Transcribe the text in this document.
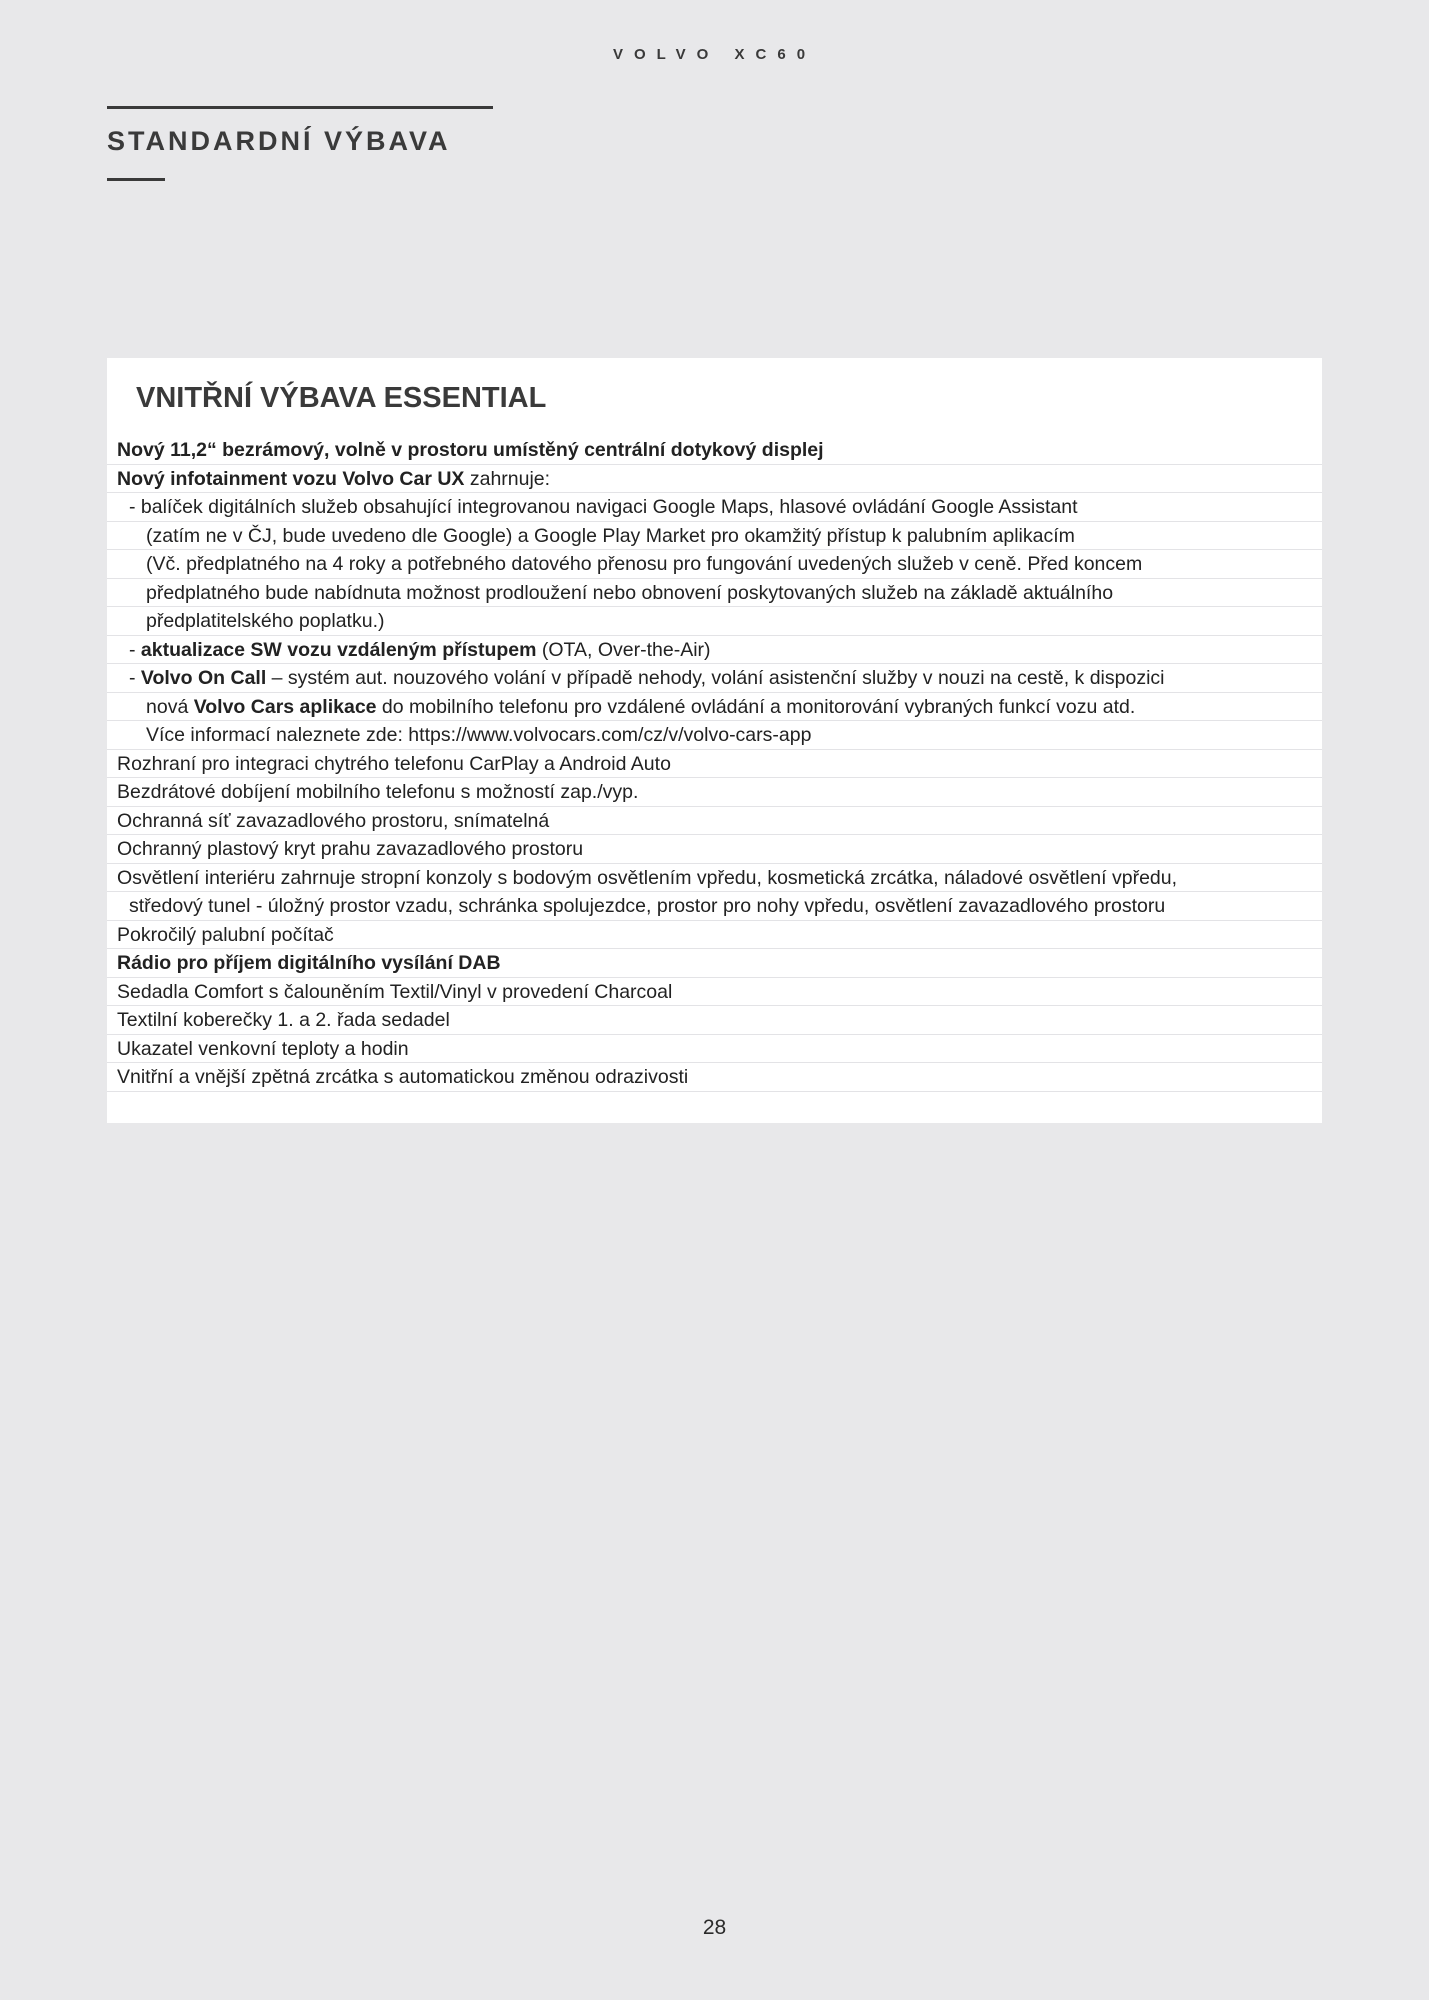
VOLVO XC60
STANDARDNÍ VÝBAVA
VNITŘNÍ VÝBAVA ESSENTIAL
Nový 11,2“ bezrámový, volně v prostoru umístěný centrální dotykový displej
Nový infotainment vozu Volvo Car UX zahrnuje:
- balíček digitálních služeb obsahující integrovanou navigaci Google Maps, hlasové ovládání Google Assistant
(zatím ne v ČJ, bude uvedeno dle Google) a Google Play Market pro okamžitý přístup k palubním aplikacím
(Vč. předplatného na 4 roky a potřebného datového přenosu pro fungování uvedených služeb v ceně. Před koncem
předplatného bude nabídnuta možnost prodloužení nebo obnovení poskytovaných služeb na základě aktuálního
předplatitelského poplatku.)
- aktualizace SW vozu vzdáleným přístupem (OTA, Over-the-Air)
- Volvo On Call – systém aut. nouzového volání v případě nehody, volání asistenční služby v nouzi na cestě, k dispozici
nová Volvo Cars aplikace do mobilního telefonu pro vzdálené ovládání a monitorování vybraných funkcí vozu atd.
Více informací naleznete zde: https://www.volvocars.com/cz/v/volvo-cars-app
Rozhraní pro integraci chytrého telefonu CarPlay a Android Auto
Bezdrátové dobíjení mobilního telefonu s možností zap./vyp.
Ochranná síť zavazadlového prostoru, snímatelná
Ochranný plastový kryt prahu zavazadlového prostoru
Osvětlení interiéru zahrnuje stropní konzoly s bodovým osvětlením vpředu, kosmetická zrcátka, náladové osvětlení vpředu,
středový tunel - úložný prostor vzadu, schránka spolujezdce, prostor pro nohy vpředu, osvětlení zavazadlového prostoru
Pokročilý palubní počítač
Rádio pro příjem digitálního vysílání DAB
Sedadla Comfort s čalouněním Textil/Vinyl v provedení Charcoal
Textilní koberečky 1. a 2. řada sedadel
Ukazatel venkovní teploty a hodin
Vnitřní a vnější zpětná zrcátka s automatickou změnou odrazivosti
28
